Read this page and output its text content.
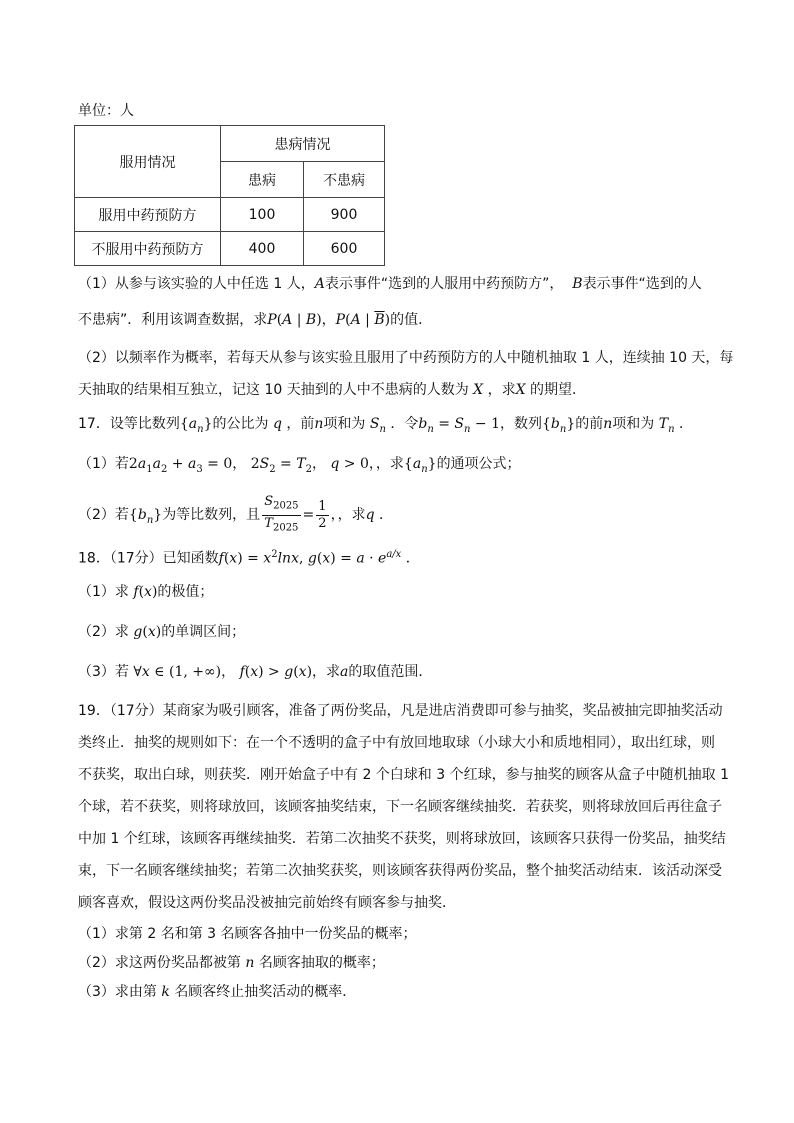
单位：人
服用情况	患病情况	
	患病	不患病
服用中药预防方	100	900
不服用中药预防方	400	600
（1）从参与该实验的人中任选 1 人，A表示事件“选到的人服用中药预防方”， B表示事件“选到的人
不患病”．利用该调查数据，求P(A | B)，P(A | $\overline{B}$)的值．
（2）以频率作为概率，若每天从参与该实验且服用了中药预防方的人中随机抽取 1 人，连续抽 10 天，每
天抽取的结果相互独立，记这 10 天抽到的人中不患病的人数为 X ，求X 的期望．
17．设等比数列$\{a_n\}$的公比为 q ，前n项和为 $S_n$ ．令$b_n = S_n - 1$，数列$\{b_n\}$的前n项和为 $T_n$ ．
（1）若$2a_1a_2 + a_3 = 0$， $2S_2 = T_2$， q > 0，，求$\{a_n\}$的通项公式；
（2）若$\{b_n\}$为等比数列，且 $\frac{S_{2025}}{T_{2025}} = \frac{1}{2}$ ，，求q ．
18．（17分）已知函数$f(x) = x^2\ln x$, $g(x) = a \cdot e^{a/x}$ ．
（1）求 f(x)的极值；
（2）求 g(x)的单调区间；
（3）若 ∀x ∈ (1, +∞)， f(x) > g(x)，求a的取值范围．
19．（17分）某商家为吸引顾客，准备了两份奖品，凡是进店消费即可参与抽奖，奖品被抽完即抽奖活动
类终止．抽奖的规则如下：在一个不透明的盒子中有放回地取球（小球大小和质地相同），取出红球，则
不获奖，取出白球，则获奖．刚开始盒子中有 2 个白球和 3 个红球，参与抽奖的顾客从盒子中随机抽取 1
个球，若不获奖，则将球放回，该顾客抽奖结束，下一名顾客继续抽奖．若获奖，则将球放回后再往盒子
中加 1 个红球，该顾客再继续抽奖．若第二次抽奖不获奖，则将球放回，该顾客只获得一份奖品，抽奖结
束，下一名顾客继续抽奖；若第二次抽奖获奖，则该顾客获得两份奖品，整个抽奖活动结束．该活动深受
顾客喜欢，假设这两份奖品没被抽完前始终有顾客参与抽奖．
（1）求第 2 名和第 3 名顾客各抽中一份奖品的概率；
（2）求这两份奖品都被第 n 名顾客抽取的概率；
（3）求由第 k 名顾客终止抽奖活动的概率．
